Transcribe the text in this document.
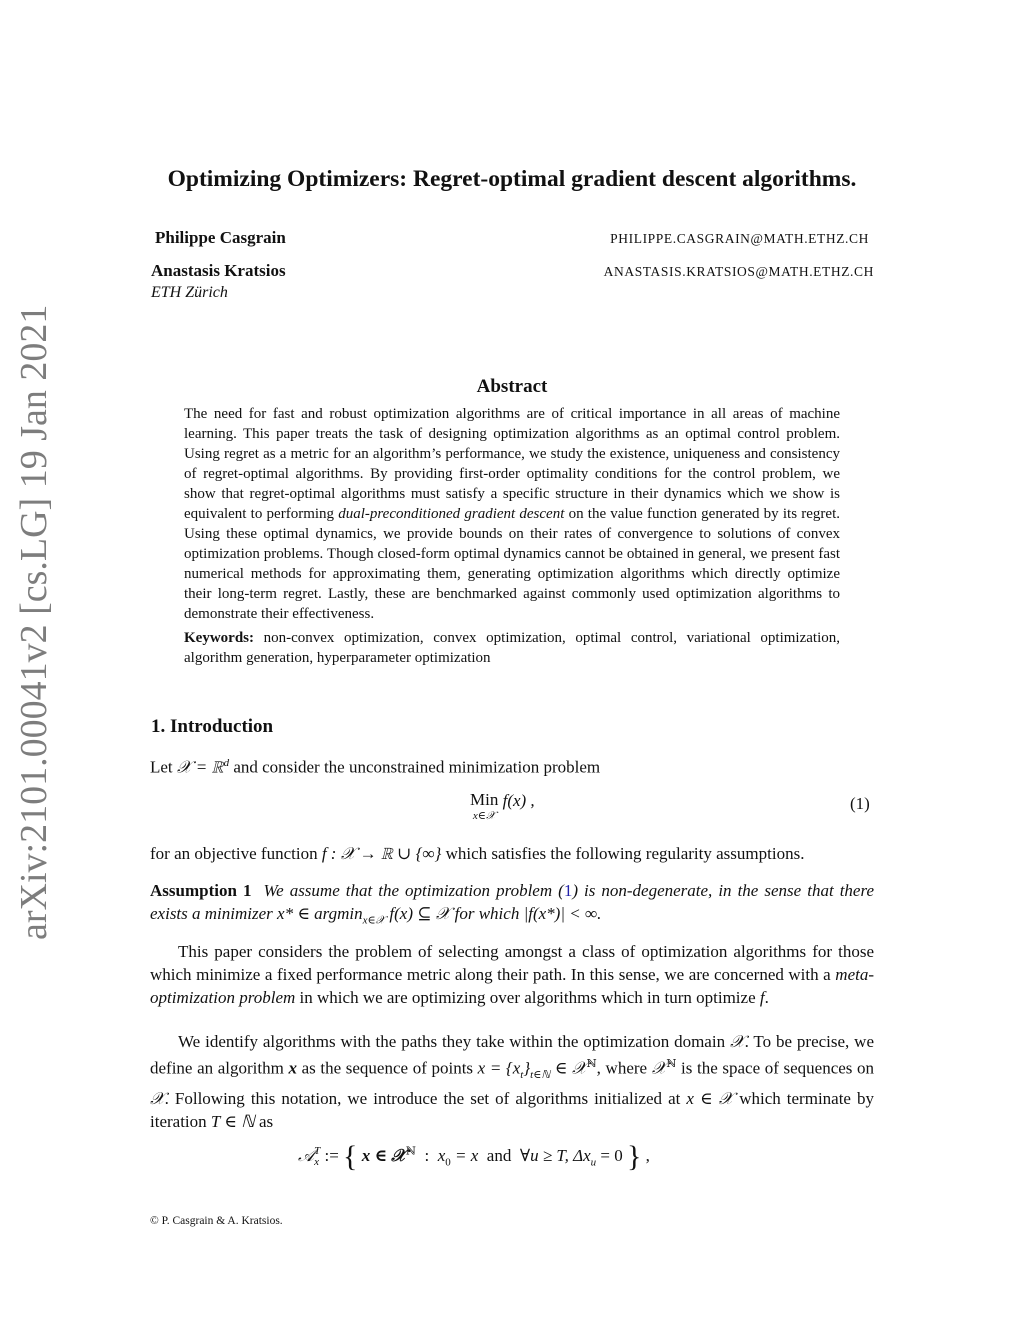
arXiv:2101.00041v2 [cs.LG] 19 Jan 2021
Optimizing Optimizers: Regret-optimal gradient descent algorithms.
Philippe Casgrain	PHILIPPE.CASGRAIN@MATH.ETHZ.CH
Anastasis Kratsios	ANASTASIS.KRATSIOS@MATH.ETHZ.CH
ETH Zürich
Abstract

The need for fast and robust optimization algorithms are of critical importance in all areas of machine learning. This paper treats the task of designing optimization algorithms as an optimal control problem. Using regret as a metric for an algorithm’s performance, we study the existence, uniqueness and consistency of regret-optimal algorithms. By providing first-order optimality conditions for the control problem, we show that regret-optimal algorithms must satisfy a specific structure in their dynamics which we show is equivalent to performing dual-preconditioned gradient descent on the value function generated by its regret. Using these optimal dynamics, we provide bounds on their rates of convergence to solutions of convex optimization problems. Though closed-form optimal dynamics cannot be obtained in general, we present fast numerical methods for approximating them, generating optimization algorithms which directly optimize their long-term regret. Lastly, these are benchmarked against commonly used optimization algorithms to demonstrate their effectiveness.

Keywords: non-convex optimization, convex optimization, optimal control, variational optimization, algorithm generation, hyperparameter optimization

1. Introduction
Let 𝒳 = ℝ$^d$ and consider the unconstrained minimization problem
Min
x∈𝒳
f(x) ,	(1)
for an objective function f : 𝒳 → ℝ ∪ {∞} which satisfies the following regularity assumptions.

Assumption 1 We assume that the optimization problem (1) is non-degenerate, in the sense that there exists a minimizer x* ∈ argmin$_{x\in 𝒳}$ f(x) ⊆ 𝒳 for which |f(x*)| < ∞.

This paper considers the problem of selecting amongst a class of optimization algorithms for those which minimize a fixed performance metric along their path. In this sense, we are concerned with a meta-optimization problem in which we are optimizing over algorithms which in turn optimize f.

We identify algorithms with the paths they take within the optimization domain 𝒳. To be precise, we define an algorithm x as the sequence of points $x = \{x_t\}_{t\in ℕ}$ ∈ 𝒳$^ℕ$, where 𝒳$^ℕ$ is the space of sequences on 𝒳. Following this notation, we introduce the set of algorithms initialized at x ∈ 𝒳 which terminate by iteration T ∈ ℕ as

𝒜 T
x := { x ∈ 𝒳$^ℕ$ : $x_0 = x$ and ∀u ≥ T, $\Delta x_u = 0$ } ,
© P. Casgrain & A. Kratsios.
